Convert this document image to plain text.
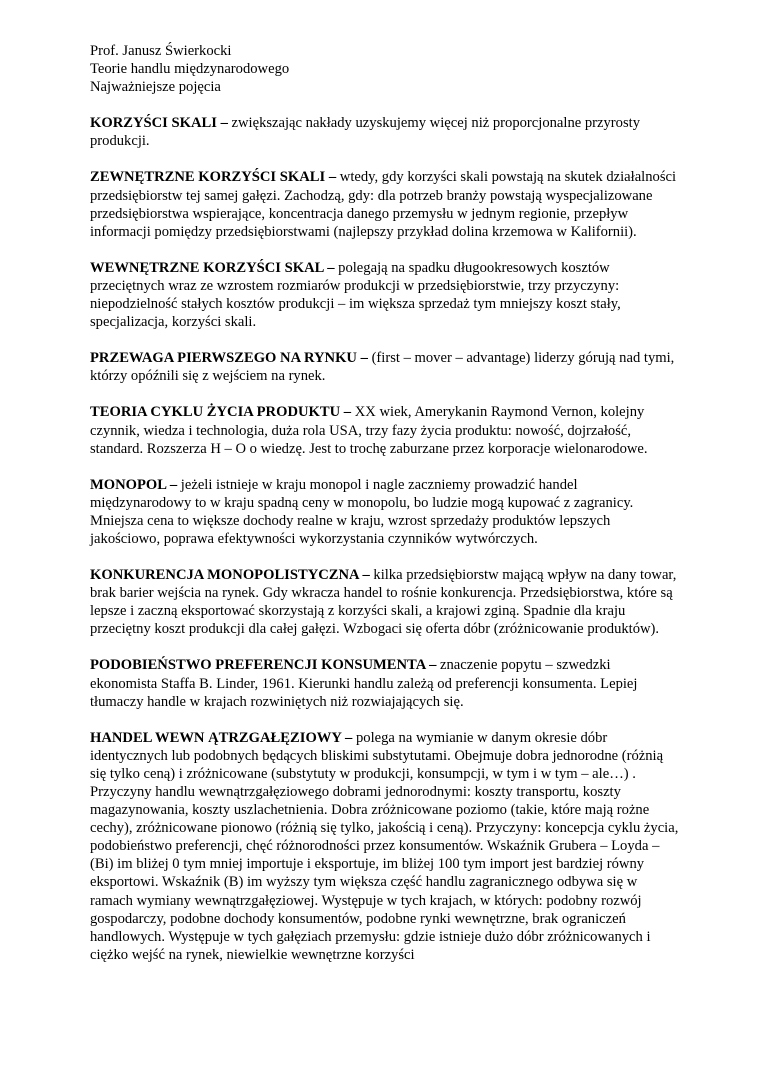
Prof. Janusz Świerkocki
Teorie handlu międzynarodowego
Najważniejsze pojęcia

KORZYŚCI SKALI – zwiększając nakłady uzyskujemy więcej niż proporcjonalne przyrosty produkcji.

ZEWNĘTRZNE KORZYŚCI SKALI – wtedy, gdy korzyści skali powstają na skutek działalności przedsiębiorstw tej samej gałęzi. Zachodzą, gdy: dla potrzeb branży powstają wyspecjalizowane przedsiębiorstwa wspierające, koncentracja danego przemysłu w jednym regionie, przepływ informacji pomiędzy przedsiębiorstwami (najlepszy przykład dolina krzemowa w Kalifornii).

WEWNĘTRZNE KORZYŚCI SKAL – polegają na spadku długookresowych kosztów przeciętnych wraz ze wzrostem rozmiarów produkcji w przedsiębiorstwie, trzy przyczyny: niepodzielność stałych kosztów produkcji – im większa sprzedaż tym mniejszy koszt stały, specjalizacja, korzyści skali.

PRZEWAGA PIERWSZEGO NA RYNKU – (first – mover – advantage) liderzy górują nad tymi, którzy opóźnili się z wejściem na rynek.

TEORIA CYKLU ŻYCIA PRODUKTU – XX wiek, Amerykanin Raymond Vernon, kolejny czynnik, wiedza i technologia, duża rola USA, trzy fazy życia produktu: nowość, dojrzałość, standard. Rozszerza H – O o wiedzę. Jest to trochę zaburzane przez korporacje wielonarodowe.

MONOPOL – jeżeli istnieje w kraju monopol i nagle zaczniemy prowadzić handel międzynarodowy to w kraju spadną ceny w monopolu, bo ludzie mogą kupować z zagranicy. Mniejsza cena to większe dochody realne w kraju, wzrost sprzedaży produktów lepszych jakościowo, poprawa efektywności wykorzystania czynników wytwórczych.

KONKURENCJA MONOPOLISTYCZNA – kilka przedsiębiorstw mającą wpływ na dany towar, brak barier wejścia na rynek. Gdy wkracza handel to rośnie konkurencja. Przedsiębiorstwa, które są lepsze i zaczną eksportować skorzystają z korzyści skali, a krajowi zginą. Spadnie dla kraju przeciętny koszt produkcji dla całej gałęzi. Wzbogaci się oferta dóbr (zróżnicowanie produktów).

PODOBIEŃSTWO PREFERENCJI KONSUMENTA – znaczenie popytu – szwedzki ekonomista Staffa B. Linder, 1961. Kierunki handlu zależą od preferencji konsumenta. Lepiej tłumaczy handle w krajach rozwiniętych niż rozwiajających się.

HANDEL WEWN ĄTRZGAŁĘZIOWY – polega na wymianie w danym okresie dóbr identycznych lub podobnych będących bliskimi substytutami. Obejmuje dobra jednorodne (różnią się tylko ceną) i zróżnicowane (substytuty w produkcji, konsumpcji, w tym i w tym – ale…) . Przyczyny handlu wewnątrzgałęziowego dobrami jednorodnymi: koszty transportu, koszty magazynowania, koszty uszlachetnienia. Dobra zróżnicowane poziomo (takie, które mają rożne cechy), zróżnicowane pionowo (różnią się tylko, jakością i ceną). Przyczyny: koncepcja cyklu życia, podobieństwo preferencji, chęć różnorodności przez konsumentów. Wskaźnik Grubera – Loyda – (Bi) im bliżej 0 tym mniej importuje i eksportuje, im bliżej 100 tym import jest bardziej równy eksportowi. Wskaźnik (B) im wyższy tym większa część handlu zagranicznego odbywa się w ramach wymiany wewnątrzgałęziowej. Występuje w tych krajach, w których: podobny rozwój gospodarczy, podobne dochody konsumentów, podobne rynki wewnętrzne, brak ograniczeń handlowych. Występuje w tych gałęziach przemysłu: gdzie istnieje dużo dóbr zróżnicowanych i ciężko wejść na rynek, niewielkie wewnętrzne korzyści
